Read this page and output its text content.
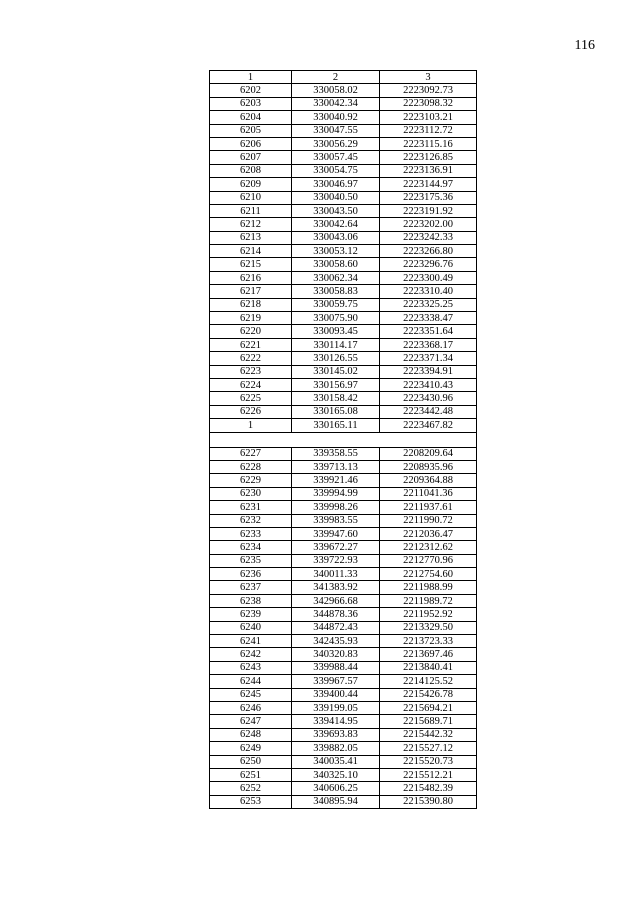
116
1	2	3
6202	330058.02	2223092.73
6203	330042.34	2223098.32
6204	330040.92	2223103.21
6205	330047.55	2223112.72
6206	330056.29	2223115.16
6207	330057.45	2223126.85
6208	330054.75	2223136.91
6209	330046.97	2223144.97
6210	330040.50	2223175.36
6211	330043.50	2223191.92
6212	330042.64	2223202.00
6213	330043.06	2223242.33
6214	330053.12	2223266.80
6215	330058.60	2223296.76
6216	330062.34	2223300.49
6217	330058.83	2223310.40
6218	330059.75	2223325.25
6219	330075.90	2223338.47
6220	330093.45	2223351.64
6221	330114.17	2223368.17
6222	330126.55	2223371.34
6223	330145.02	2223394.91
6224	330156.97	2223410.43
6225	330158.42	2223430.96
6226	330165.08	2223442.48
1	330165.11	2223467.82

6227	339358.55	2208209.64
6228	339713.13	2208935.96
6229	339921.46	2209364.88
6230	339994.99	2211041.36
6231	339998.26	2211937.61
6232	339983.55	2211990.72
6233	339947.60	2212036.47
6234	339672.27	2212312.62
6235	339722.93	2212770.96
6236	340011.33	2212754.60
6237	341383.92	2211988.99
6238	342966.68	2211989.72
6239	344878.36	2211952.92
6240	344872.43	2213329.50
6241	342435.93	2213723.33
6242	340320.83	2213697.46
6243	339988.44	2213840.41
6244	339967.57	2214125.52
6245	339400.44	2215426.78
6246	339199.05	2215694.21
6247	339414.95	2215689.71
6248	339693.83	2215442.32
6249	339882.05	2215527.12
6250	340035.41	2215520.73
6251	340325.10	2215512.21
6252	340606.25	2215482.39
6253	340895.94	2215390.80
